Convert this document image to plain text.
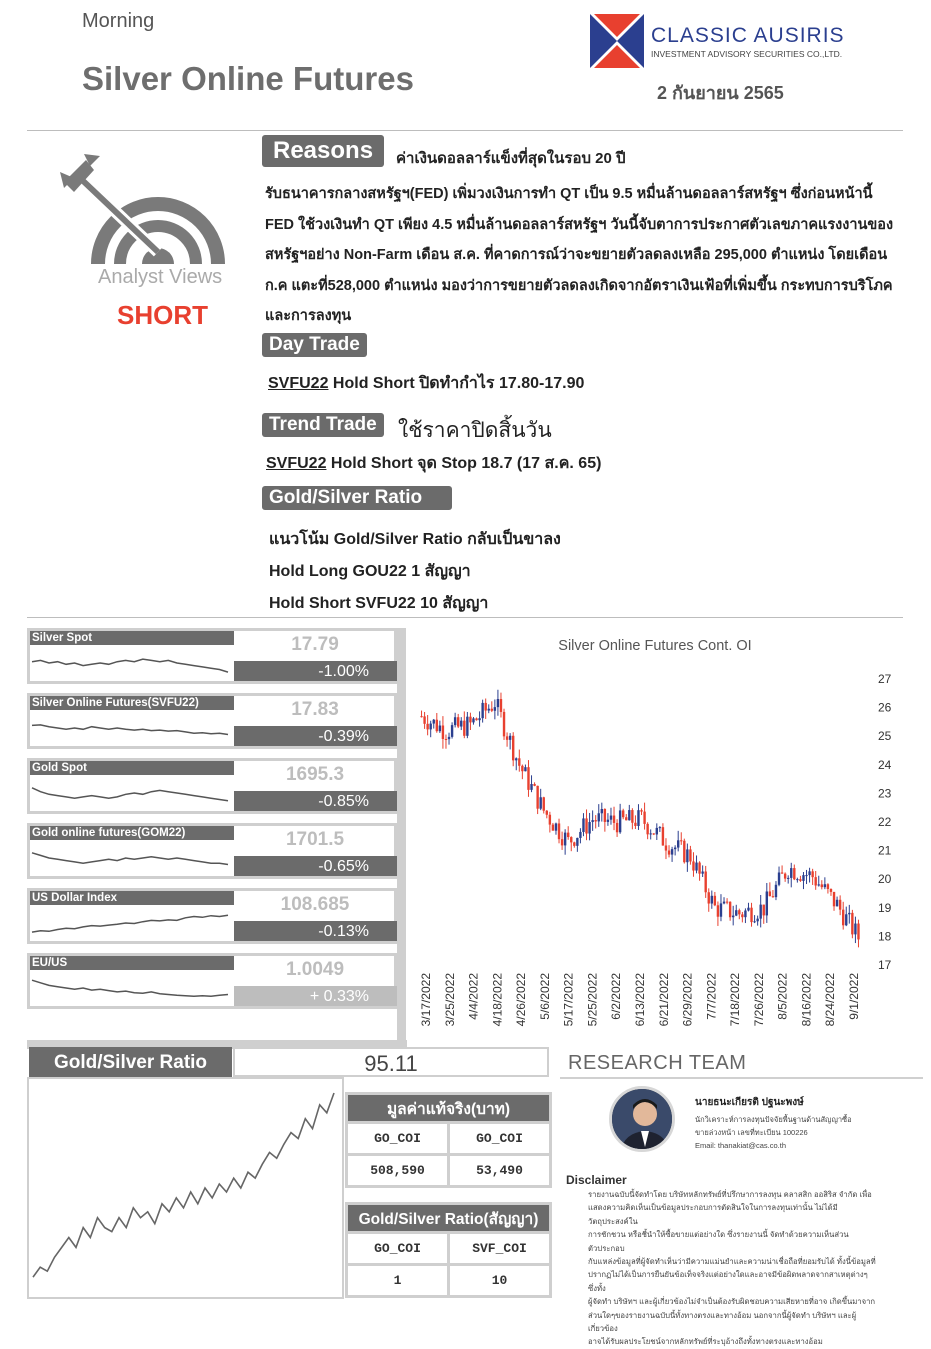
Morning
Silver Online Futures
CLASSIC AUSIRIS
INVESTMENT ADVISORY SECURITIES CO.,LTD.
2 กันยายน 2565
Analyst Views
SHORT
Reasons	ค่าเงินดอลลาร์แข็งที่สุดในรอบ 20 ปี
รับธนาคารกลางสหรัฐฯ(FED) เพิ่มวงเงินการทำ QT เป็น 9.5 หมื่นล้านดอลลาร์สหรัฐฯ ซึ่งก่อนหน้านี้
FED ใช้วงเงินทำ QT เพียง 4.5 หมื่นล้านดอลลาร์สหรัฐฯ วันนี้จับตาการประกาศตัวเลขภาคแรงงานของ
สหรัฐฯอย่าง Non-Farm เดือน ส.ค. ที่คาดการณ์ว่าจะขยายตัวลดลงเหลือ 295,000 ตำแหน่ง โดยเดือน
ก.ค แตะที่528,000 ตำแหน่ง มองว่าการขยายตัวลดลงเกิดจากอัตราเงินเฟ้อที่เพิ่มขึ้น กระทบการบริโภค
และการลงทุน
Day Trade
SVFU22 Hold Short ปิดทำกำไร 17.80-17.90
Trend Trade	ใช้ราคาปิดสิ้นวัน
SVFU22 Hold Short จุด Stop 18.7 (17 ส.ค. 65)
Gold/Silver Ratio
แนวโน้ม Gold/Silver Ratio กลับเป็นขาลง
Hold Long GOU22 1 สัญญา
Hold Short SVFU22 10 สัญญา
Silver Spot	17.79
-1.00%
Silver Online Futures(SVFU22)	17.83
-0.39%
Gold Spot	1695.3
-0.85%
Gold online futures(GOM22)	1701.5
-0.65%
US Dollar Index	108.685
-0.13%
EU/US	1.0049
+ 0.33%
Silver Online Futures Cont. OI
27
26
25
24
23
22
21
20
19
18
17
3/17/2022 3/25/2022 4/4/2022 4/18/2022 4/26/2022 5/6/2022 5/17/2022 5/25/2022 6/2/2022 6/13/2022 6/21/2022 6/29/2022 7/7/2022 7/18/2022 7/26/2022 8/5/2022 8/16/2022 8/24/2022 9/1/2022
Gold/Silver Ratio	95.11
มูลค่าแท้จริง(บาท)	
GO_COI	GO_COI
508,590	53,490
Gold/Silver Ratio(สัญญา)	
GO_COI	SVF_COI
1	10
RESEARCH TEAM
นายธนะเกียรติ ปฐนะพงษ์
นักวิเคราะห์การลงทุนปัจจัยพื้นฐานด้านสัญญาซื้อ
ขายล่วงหน้า เลขที่ทะเบียน 100226
Email: thanakiat@cas.co.th
Disclaimer
รายงานฉบับนี้จัดทำโดย บริษัทหลักทรัพย์ที่ปรึกษาการลงทุน คลาสสิก ออสิริส จำกัด เพื่อ
แสดงความคิดเห็นเป็นข้อมูลประกอบการตัดสินใจในการลงทุนเท่านั้น ไม่ได้มีวัตถุประสงค์ใน
การชักชวน หรือชี้นำให้ซื้อขายแต่อย่างใด ซึ่งรายงานนี้ จัดทำด้วยความเห็นส่วนตัวประกอบ
กับแหล่งข้อมูลที่ผู้จัดทำเห็นว่ามีความแม่นยำและความน่าเชื่อถือที่ยอมรับได้ ทั้งนี้ข้อมูลที่
ปรากฏไม่ได้เป็นการยืนยันข้อเท็จจริงแต่อย่างใดและอาจมีข้อผิดพลาดจากสาเหตุต่างๆ ซึ่งทั้ง
ผู้จัดทำ บริษัทฯ และผู้เกี่ยวข้องไม่จำเป็นต้องรับผิดชอบความเสียหายที่อาจ เกิดขึ้นมาจาก
ส่วนใดๆของรายงานฉบับนี้ทั้งทางตรงและทางอ้อม นอกจากนี้ผู้จัดทำ บริษัทฯ และผู้เกี่ยวข้อง
อาจได้รับผลประโยชน์จากหลักทรัพย์ที่ระบุอ้างถึงทั้งทางตรงและทางอ้อม
